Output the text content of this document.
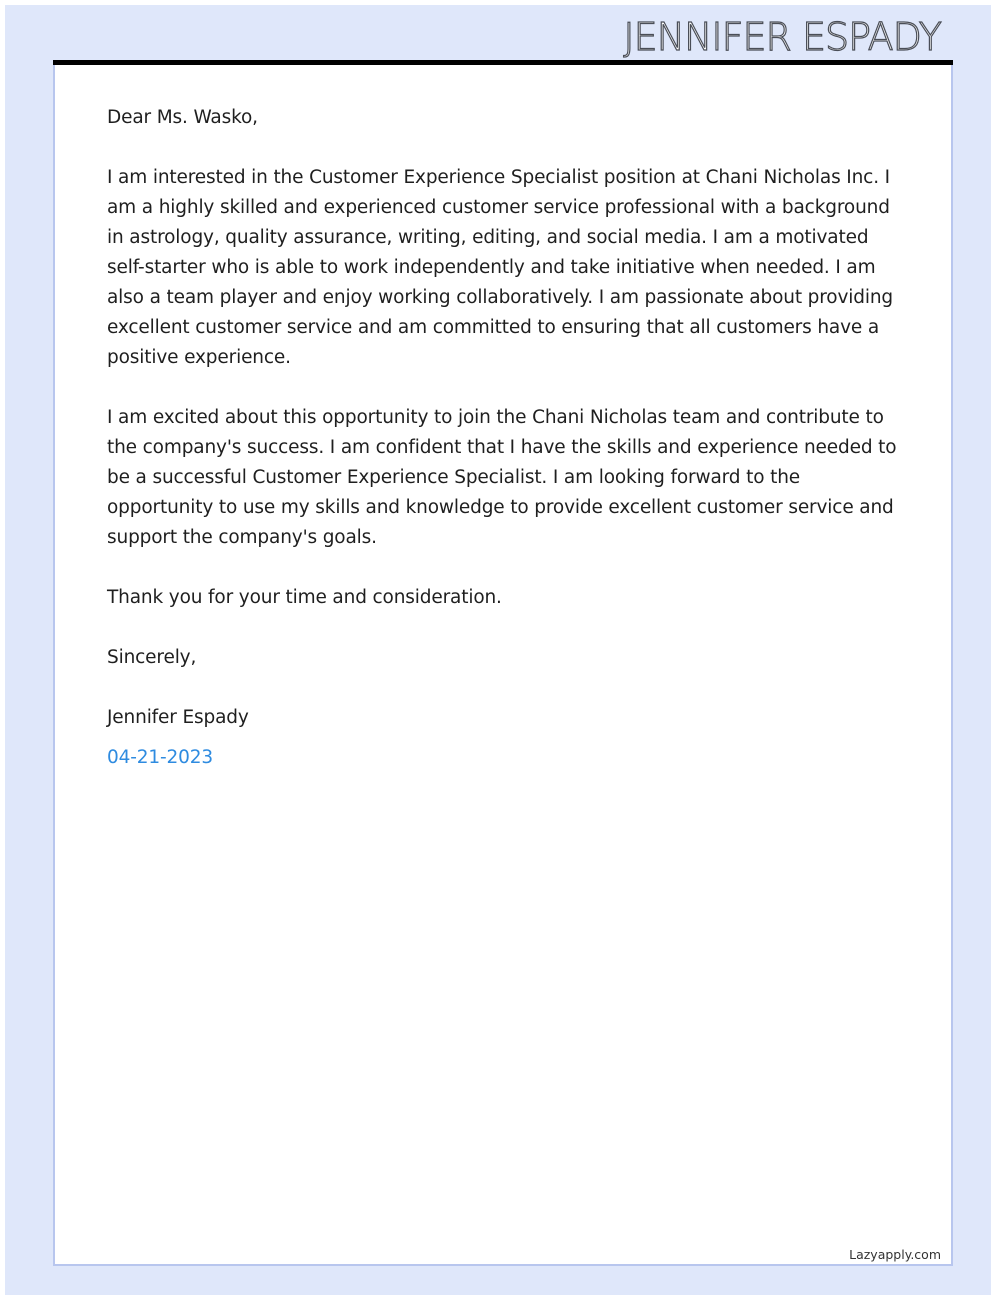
JENNIFER ESPADY

Dear Ms. Wasko,

I am interested in the Customer Experience Specialist position at Chani Nicholas Inc. I am a highly skilled and experienced customer service professional with a background in astrology, quality assurance, writing, editing, and social media. I am a motivated self-starter who is able to work independently and take initiative when needed. I am also a team player and enjoy working collaboratively. I am passionate about providing excellent customer service and am committed to ensuring that all customers have a positive experience.

I am excited about this opportunity to join the Chani Nicholas team and contribute to the company's success. I am confident that I have the skills and experience needed to be a successful Customer Experience Specialist. I am looking forward to the opportunity to use my skills and knowledge to provide excellent customer service and support the company's goals.

Thank you for your time and consideration.

Sincerely,

Jennifer Espady

04-21-2023

Lazyapply.com
